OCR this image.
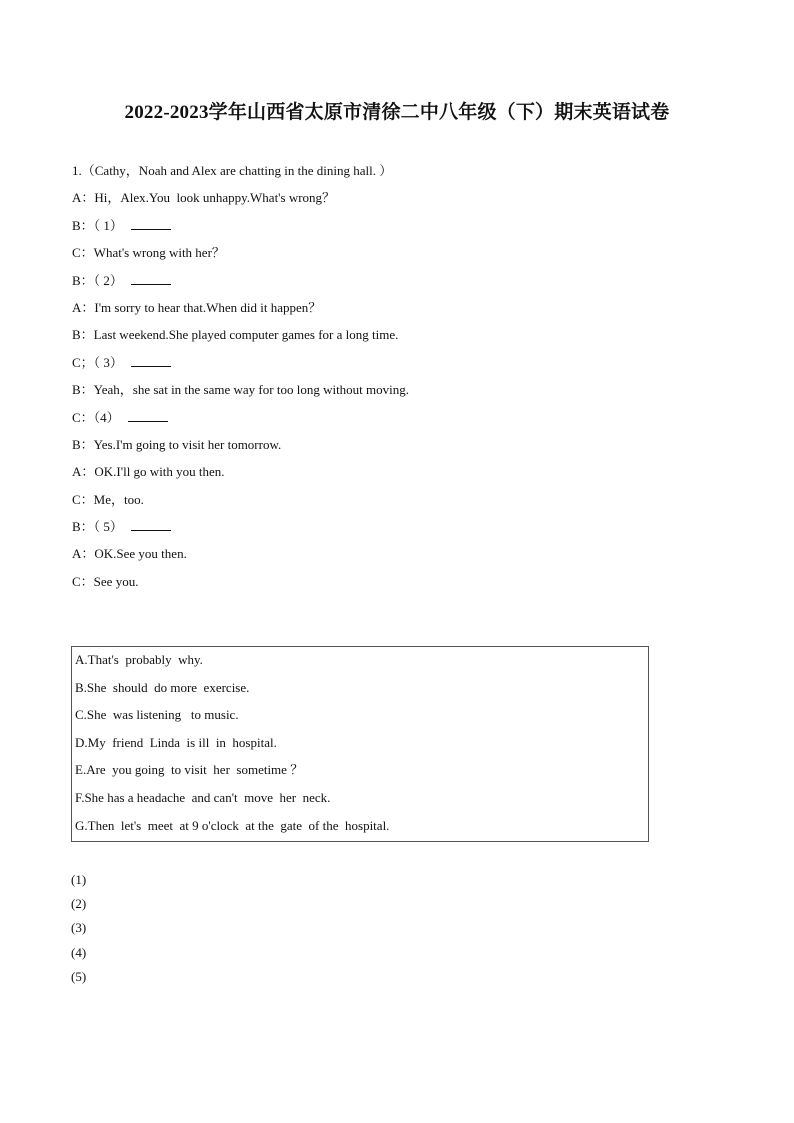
2022-2023学年山西省太原市清徐二中八年级（下）期末英语试卷
1.（Cathy，Noah and Alex are chatting in the dining hall. ）
A：Hi，Alex.You  look unhappy.What's wrong？
B：（ 1）
C：What's wrong with her？
B：（ 2）
A：I'm sorry to hear that.When did it happen？
B：Last weekend.She played computer games for a long time.
C；（ 3）
B：Yeah，she sat in the same way for too long without moving.
C：（4）
B：Yes.I'm going to visit her tomorrow.
A：OK.I'll go with you then.
C：Me，too.
B：（ 5）
A：OK.See you then.
C：See you.
A.That's  probably  why.
B.She  should  do more  exercise.
C.She  was listening   to music.
D.My  friend  Linda  is ill  in  hospital.
E.Are  you going  to visit  her  sometime ？
F.She has a headache  and can't  move  her  neck.
G.Then  let's  meet  at 9 o'clock  at the  gate  of the  hospital.
(1)
(2)
(3)
(4)
(5)
